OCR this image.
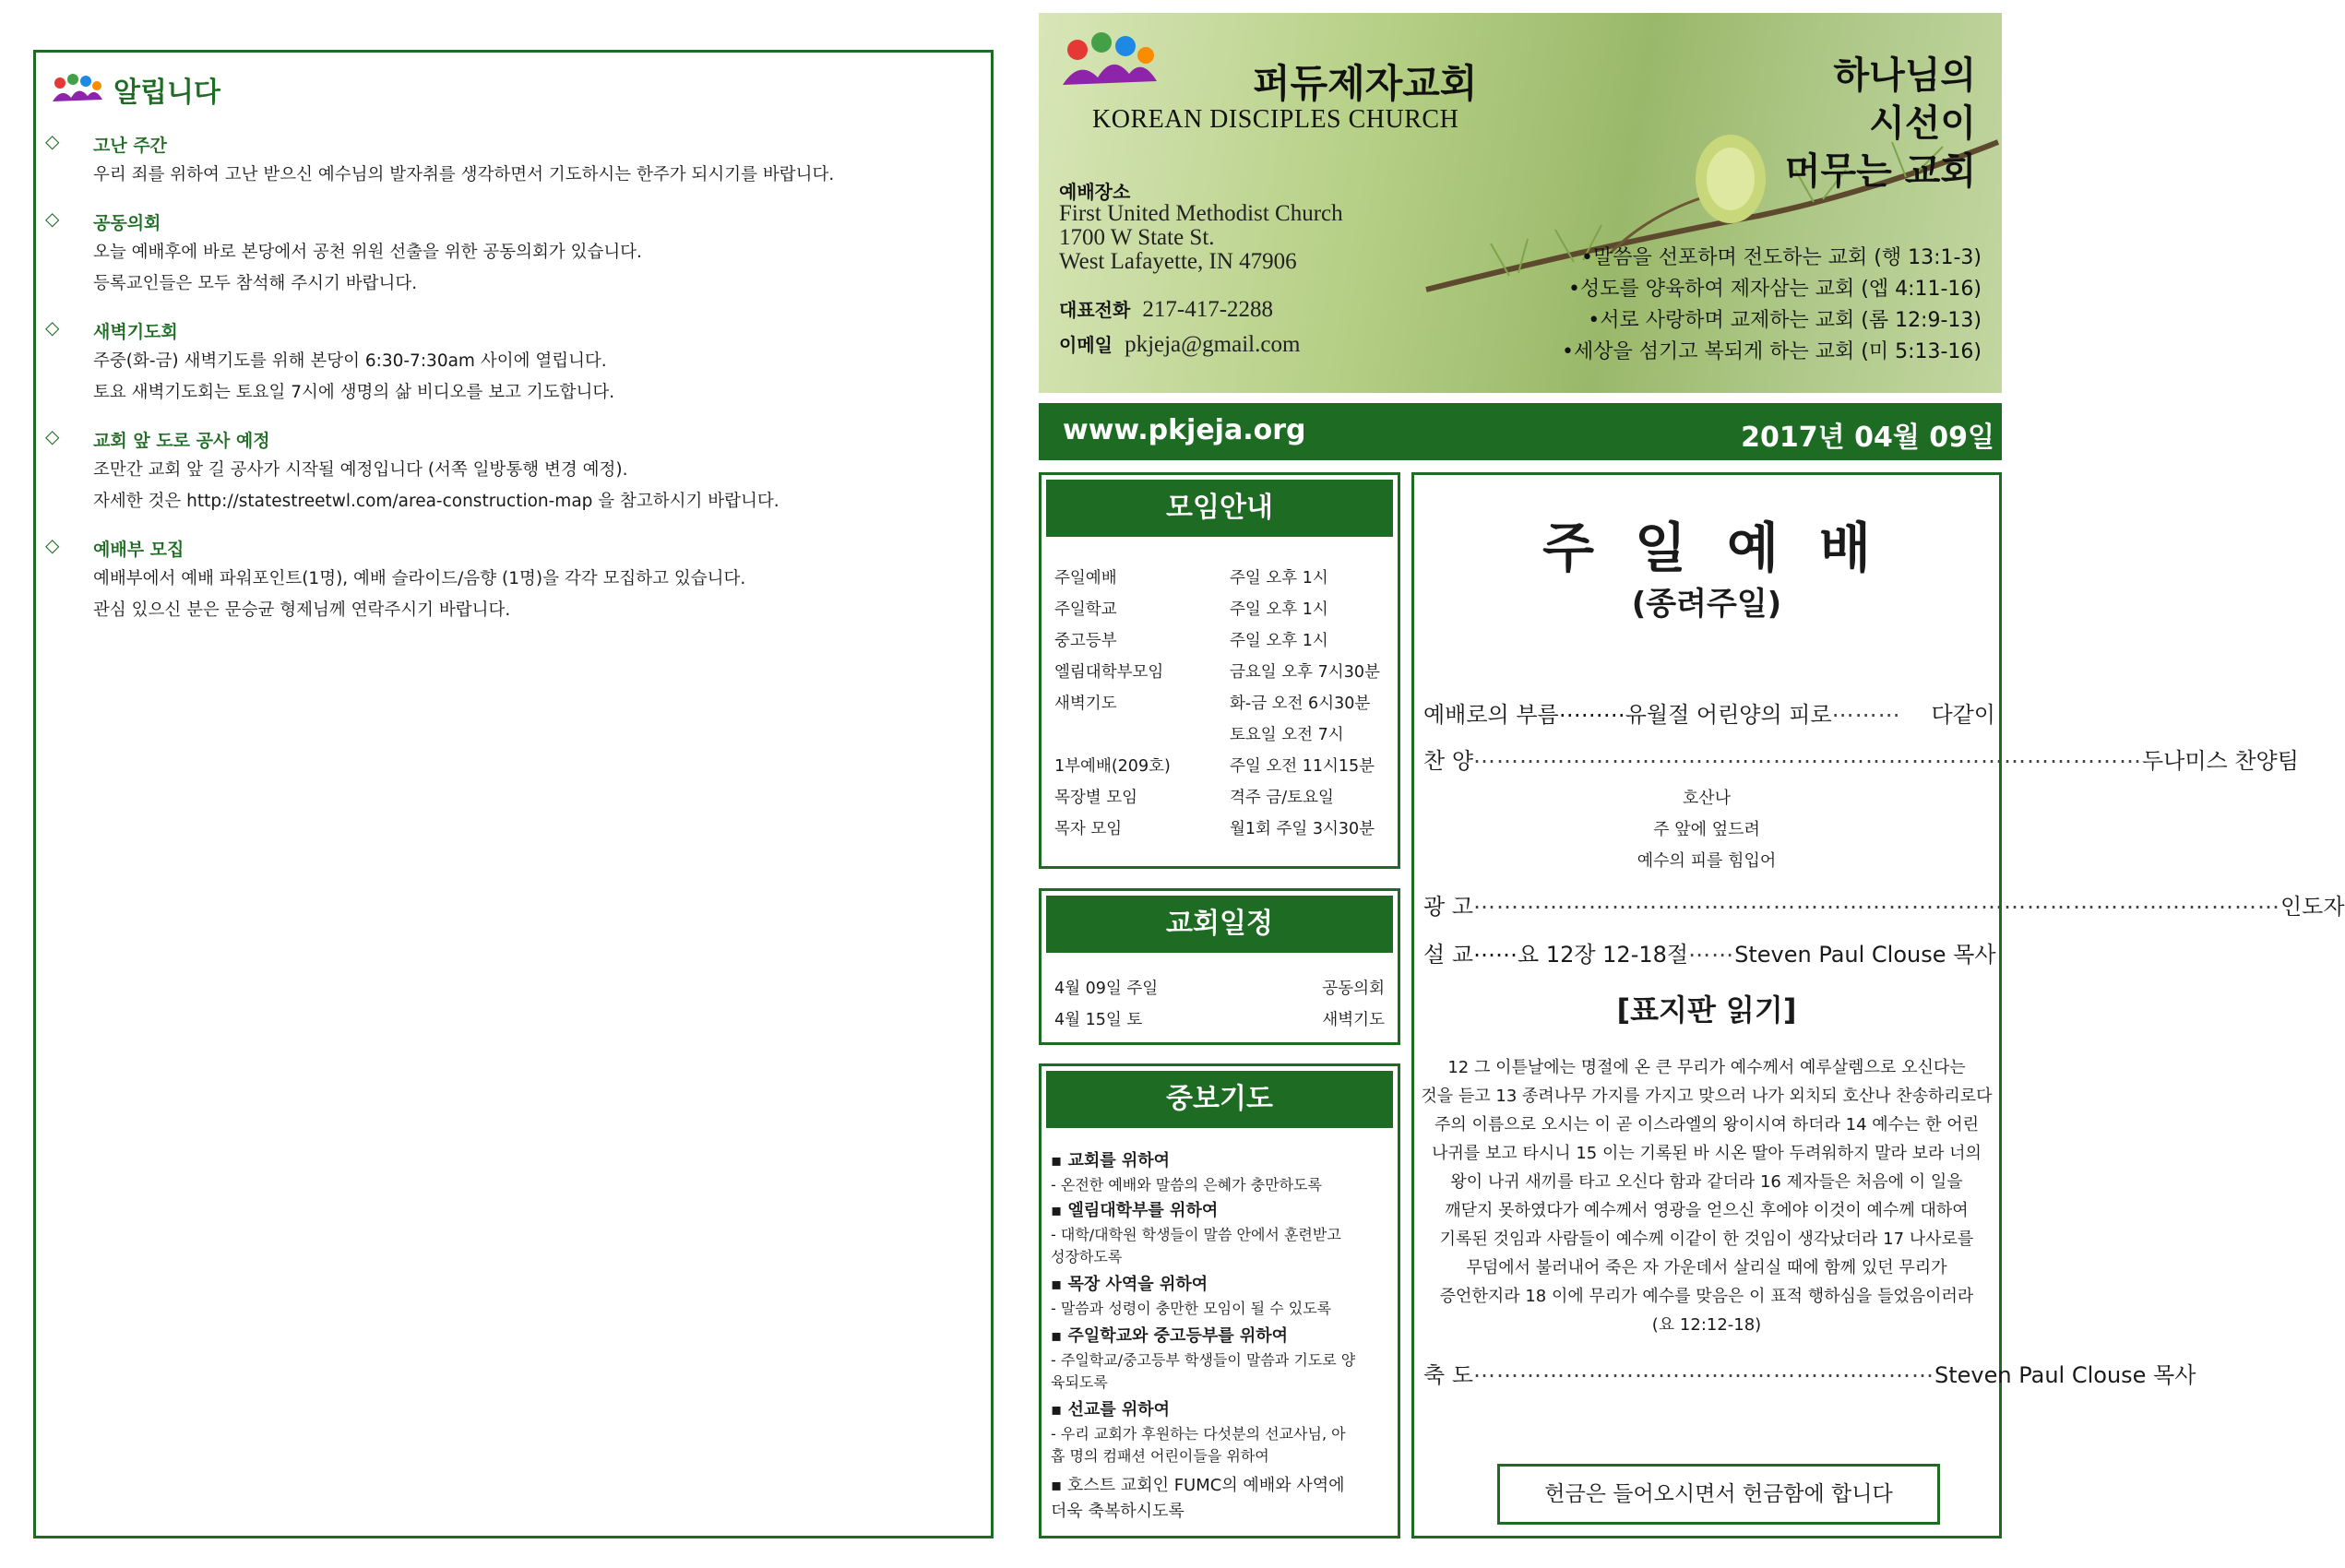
알립니다
◇ 고난 주간
우리 죄를 위하여 고난 받으신 예수님의 발자취를 생각하면서 기도하시는 한주가 되시기를 바랍니다.
◇ 공동의회
오늘 예배후에 바로 본당에서 공천 위원 선출을 위한 공동의회가 있습니다.
등록교인들은 모두 참석해 주시기 바랍니다.
◇ 새벽기도회
주중(화-금) 새벽기도를 위해 본당이 6:30-7:30am 사이에 열립니다.
토요 새벽기도회는 토요일 7시에 생명의 삶 비디오를 보고 기도합니다.
◇ 교회 앞 도로 공사 예정
조만간 교회 앞 길 공사가 시작될 예정입니다 (서쪽 일방통행 변경 예정).
자세한 것은 http://statestreetwl.com/area-construction-map 을 참고하시기 바랍니다.
◇ 예배부 모집
예배부에서 예배 파워포인트(1명), 예배 슬라이드/음향 (1명)을 각각 모집하고 있습니다.
관심 있으신 분은 문승균 형제님께 연락주시기 바랍니다.
퍼듀제자교회
KOREAN DISCIPLES CHURCH
하나님의
시선이
머무는 교회
예배장소
First United Methodist Church
1700 W State St.
West Lafayette, IN 47906
대표전화 217-417-2288
이메일 pkjeja@gmail.com
•말씀을 선포하며 전도하는 교회 (행 13:1-3)
•성도를 양육하여 제자삼는 교회 (엡 4:11-16)
•서로 사랑하며 교제하는 교회 (롬 12:9-13)
•세상을 섬기고 복되게 하는 교회 (미 5:13-16)
www.pkjeja.org	2017년 04월 09일
모임안내
주일예배	주일 오후 1시
주일학교	주일 오후 1시
중고등부	주일 오후 1시
엘림대학부모임	금요일 오후 7시30분
새벽기도	화-금 오전 6시30분
토요일 오전 7시
1부예배(209호)	주일 오전 11시15분
목장별 모임	격주 금/토요일
목자 모임	월1회 주일 3시30분
교회일정
4월 09일 주일	공동의회
4월 15일 토	새벽기도
중보기도
▪ 교회를 위하여
- 온전한 예배와 말씀의 은혜가 충만하도록
▪ 엘림대학부를 위하여
- 대학/대학원 학생들이 말씀 안에서 훈련받고
성장하도록
▪ 목장 사역을 위하여
- 말씀과 성령이 충만한 모임이 될 수 있도록
▪ 주일학교와 중고등부를 위하여
- 주일학교/중고등부 학생들이 말씀과 기도로 양
육되도록
▪ 선교를 위하여
- 우리 교회가 후원하는 다섯분의 선교사님, 아
홉 명의 컴패션 어린이들을 위하여
▪ 호스트 교회인 FUMC의 예배와 사역에
더욱 축복하시도록
주일예배
(종려주일)
예배로의 부름 ……… 유월절 어린양의 피로 ………	다같이
찬 양 …………………………………………………………………………… 두나미스 찬양팀
호산나
주 앞에 엎드려
예수의 피를 힘입어
광 고 …………………………………………………………………………………………… 인도자
설 교 …… 요 12장 12-18절 …… Steven Paul Clouse 목사
[표지판 읽기]
12 그 이튿날에는 명절에 온 큰 무리가 예수께서 예루살렘으로 오신다는
것을 듣고 13 종려나무 가지를 가지고 맞으러 나가 외치되 호산나 찬송하리로다
주의 이름으로 오시는 이 곧 이스라엘의 왕이시여 하더라 14 예수는 한 어린
나귀를 보고 타시니 15 이는 기록된 바 시온 딸아 두려워하지 말라 보라 너의
왕이 나귀 새끼를 타고 오신다 함과 같더라 16 제자들은 처음에 이 일을
깨닫지 못하였다가 예수께서 영광을 얻으신 후에야 이것이 예수께 대하여
기록된 것임과 사람들이 예수께 이같이 한 것임이 생각났더라 17 나사로를
무덤에서 불러내어 죽은 자 가운데서 살리실 때에 함께 있던 무리가
증언한지라 18 이에 무리가 예수를 맞음은 이 표적 행하심을 들었음이러라
(요 12:12-18)
축 도 …………………………………………………… Steven Paul Clouse 목사
헌금은 들어오시면서 헌금함에 합니다
